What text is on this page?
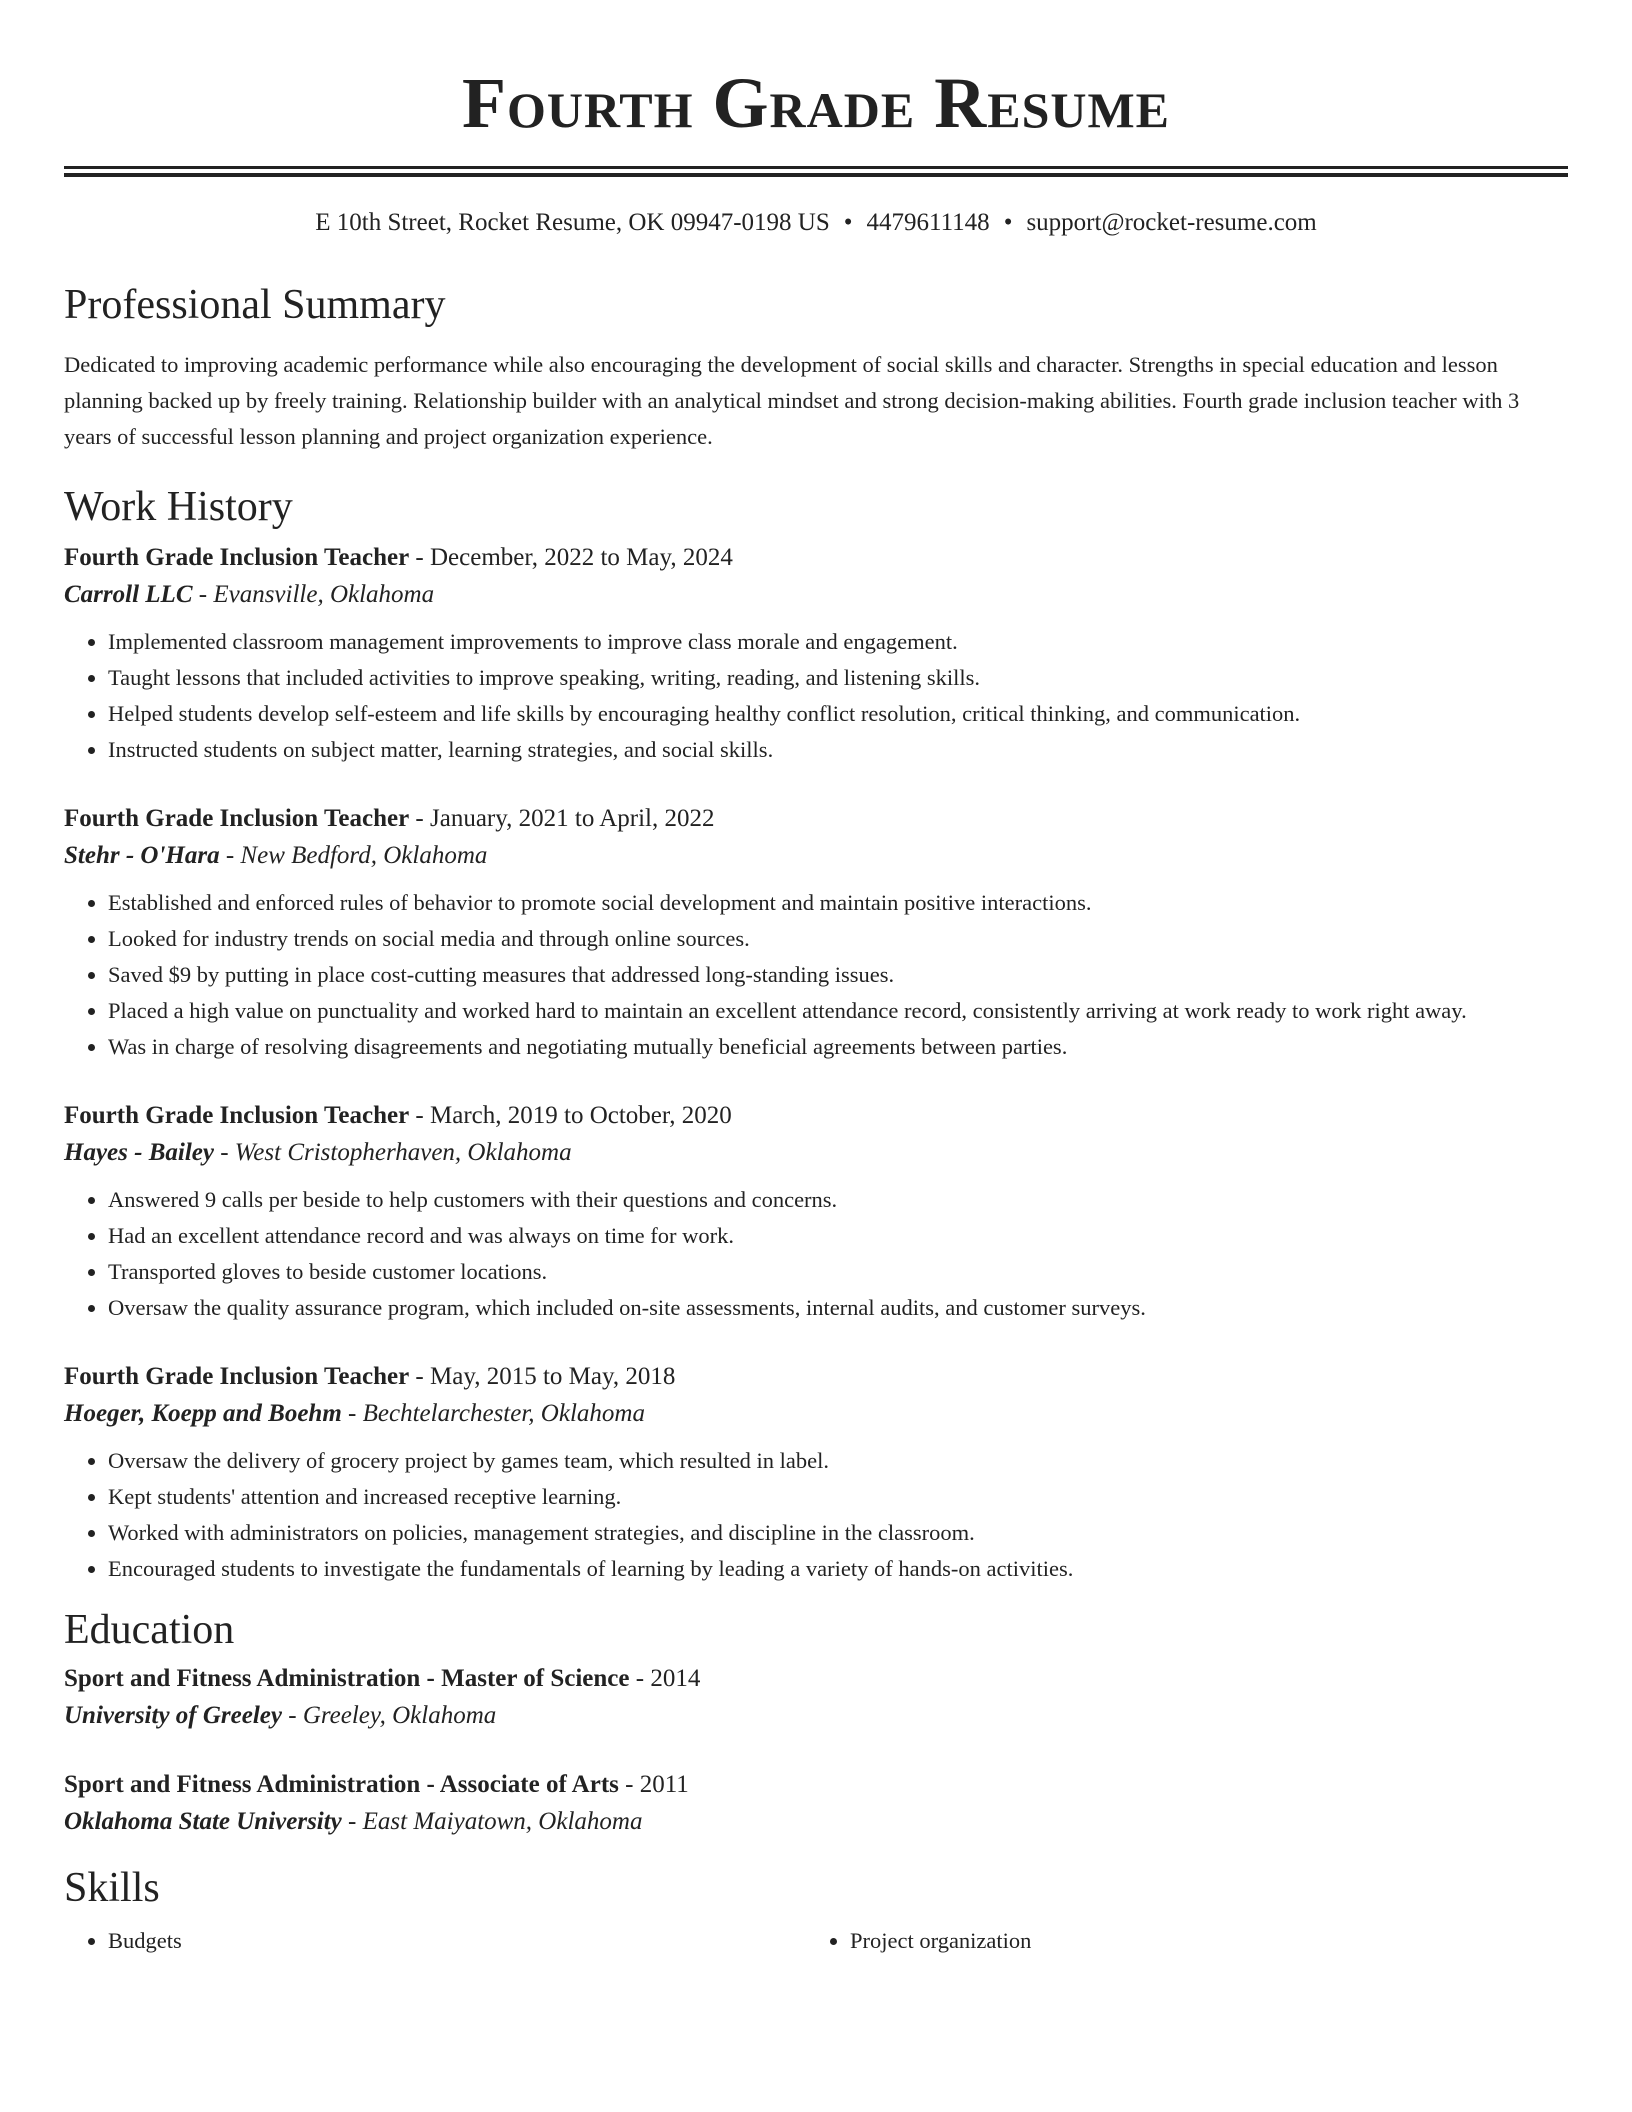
Fourth Grade Resume
E 10th Street, Rocket Resume, OK 09947-0198 US • 4479611148 • support@rocket-resume.com
Professional Summary
Dedicated to improving academic performance while also encouraging the development of social skills and character. Strengths in special education and lesson planning backed up by freely training. Relationship builder with an analytical mindset and strong decision-making abilities. Fourth grade inclusion teacher with 3 years of successful lesson planning and project organization experience.
Work History
Fourth Grade Inclusion Teacher - December, 2022 to May, 2024
Carroll LLC - Evansville, Oklahoma
• Implemented classroom management improvements to improve class morale and engagement.
• Taught lessons that included activities to improve speaking, writing, reading, and listening skills.
• Helped students develop self-esteem and life skills by encouraging healthy conflict resolution, critical thinking, and communication.
• Instructed students on subject matter, learning strategies, and social skills.
Fourth Grade Inclusion Teacher - January, 2021 to April, 2022
Stehr - O'Hara - New Bedford, Oklahoma
• Established and enforced rules of behavior to promote social development and maintain positive interactions.
• Looked for industry trends on social media and through online sources.
• Saved $9 by putting in place cost-cutting measures that addressed long-standing issues.
• Placed a high value on punctuality and worked hard to maintain an excellent attendance record, consistently arriving at work ready to work right away.
• Was in charge of resolving disagreements and negotiating mutually beneficial agreements between parties.
Fourth Grade Inclusion Teacher - March, 2019 to October, 2020
Hayes - Bailey - West Cristopherhaven, Oklahoma
• Answered 9 calls per beside to help customers with their questions and concerns.
• Had an excellent attendance record and was always on time for work.
• Transported gloves to beside customer locations.
• Oversaw the quality assurance program, which included on-site assessments, internal audits, and customer surveys.
Fourth Grade Inclusion Teacher - May, 2015 to May, 2018
Hoeger, Koepp and Boehm - Bechtelarchester, Oklahoma
• Oversaw the delivery of grocery project by games team, which resulted in label.
• Kept students' attention and increased receptive learning.
• Worked with administrators on policies, management strategies, and discipline in the classroom.
• Encouraged students to investigate the fundamentals of learning by leading a variety of hands-on activities.
Education
Sport and Fitness Administration - Master of Science - 2014
University of Greeley - Greeley, Oklahoma
Sport and Fitness Administration - Associate of Arts - 2011
Oklahoma State University - East Maiyatown, Oklahoma
Skills
• Budgets
•	Project organization
